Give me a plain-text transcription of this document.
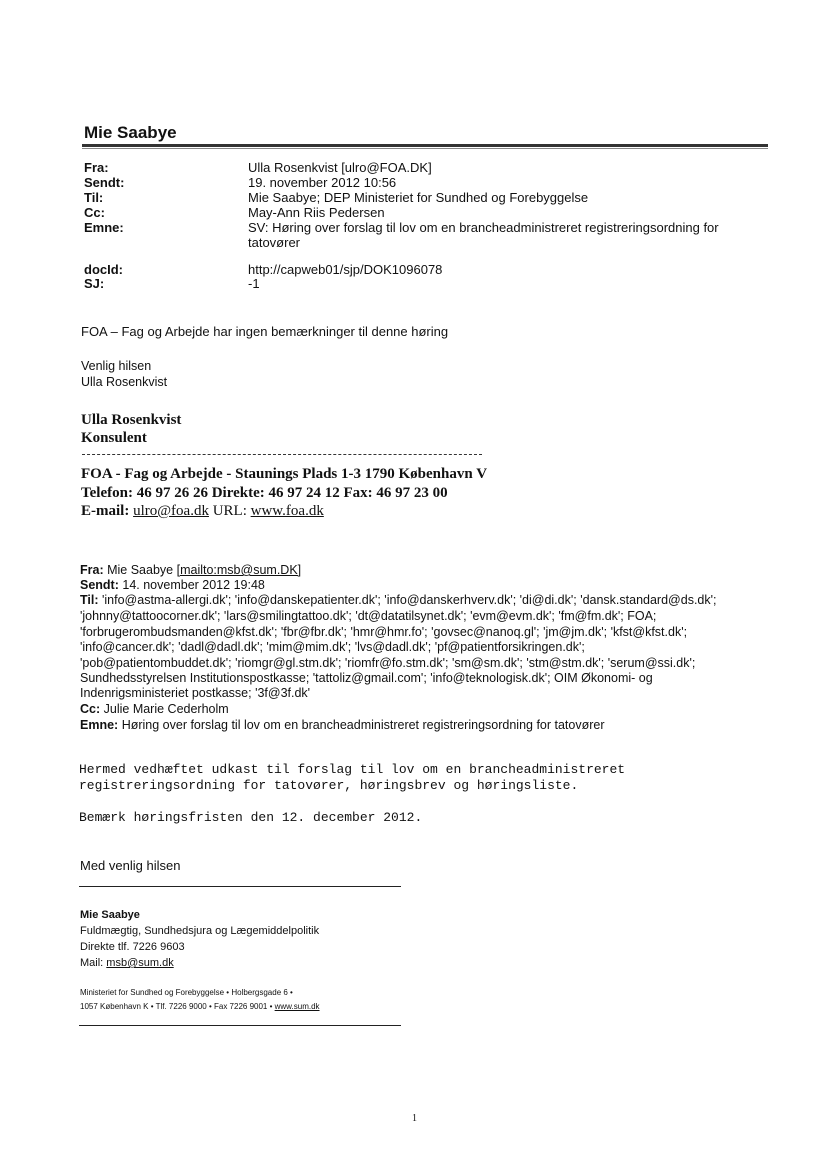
Mie Saabye
Fra:	Ulla Rosenkvist [ulro@FOA.DK]
Sendt:	19. november 2012 10:56
Til:	Mie Saabye; DEP Ministeriet for Sundhed og Forebyggelse
Cc:	May-Ann Riis Pedersen
Emne:	SV: Høring over forslag til lov om en brancheadministreret registreringsordning for
tatovører
docId:	http://capweb01/sjp/DOK1096078
SJ:	-1
FOA – Fag og Arbejde har ingen bemærkninger til denne høring
Venlig hilsen
Ulla Rosenkvist
Ulla Rosenkvist
Konsulent
FOA - Fag og Arbejde - Staunings Plads 1-3 1790 København V
Telefon: 46 97 26 26 Direkte: 46 97 24 12 Fax: 46 97 23 00
E-mail: ulro@foa.dk URL: www.foa.dk
Fra: Mie Saabye [mailto:msb@sum.DK]
Sendt: 14. november 2012 19:48
Til: 'info@astma-allergi.dk'; 'info@danskepatienter.dk'; 'info@danskerhverv.dk'; 'di@di.dk'; 'dansk.standard@ds.dk';
'johnny@tattoocorner.dk'; 'lars@smilingtattoo.dk'; 'dt@datatilsynet.dk'; 'evm@evm.dk'; 'fm@fm.dk'; FOA;
'forbrugerombudsmanden@kfst.dk'; 'fbr@fbr.dk'; 'hmr@hmr.fo'; 'govsec@nanoq.gl'; 'jm@jm.dk'; 'kfst@kfst.dk';
'info@cancer.dk'; 'dadl@dadl.dk'; 'mim@mim.dk'; 'lvs@dadl.dk'; 'pf@patientforsikringen.dk';
'pob@patientombuddet.dk'; 'riomgr@gl.stm.dk'; 'riomfr@fo.stm.dk'; 'sm@sm.dk'; 'stm@stm.dk'; 'serum@ssi.dk';
Sundhedsstyrelsen Institutionspostkasse; 'tattoliz@gmail.com'; 'info@teknologisk.dk'; OIM Økonomi- og
Indenrigsministeriet postkasse; '3f@3f.dk'
Cc: Julie Marie Cederholm
Emne: Høring over forslag til lov om en brancheadministreret registreringsordning for tatovører
Hermed vedhæftet udkast til forslag til lov om en brancheadministreret
registreringsordning for tatovører, høringsbrev og høringsliste.
Bemærk høringsfristen den 12. december 2012.
Med venlig hilsen
Mie Saabye
Fuldmægtig, Sundhedsjura og Lægemiddelpolitik
Direkte tlf. 7226 9603
Mail: msb@sum.dk
Ministeriet for Sundhed og Forebyggelse • Holbergsgade 6 •
1057 København K • Tlf. 7226 9000 • Fax 7226 9001 • www.sum.dk
1
